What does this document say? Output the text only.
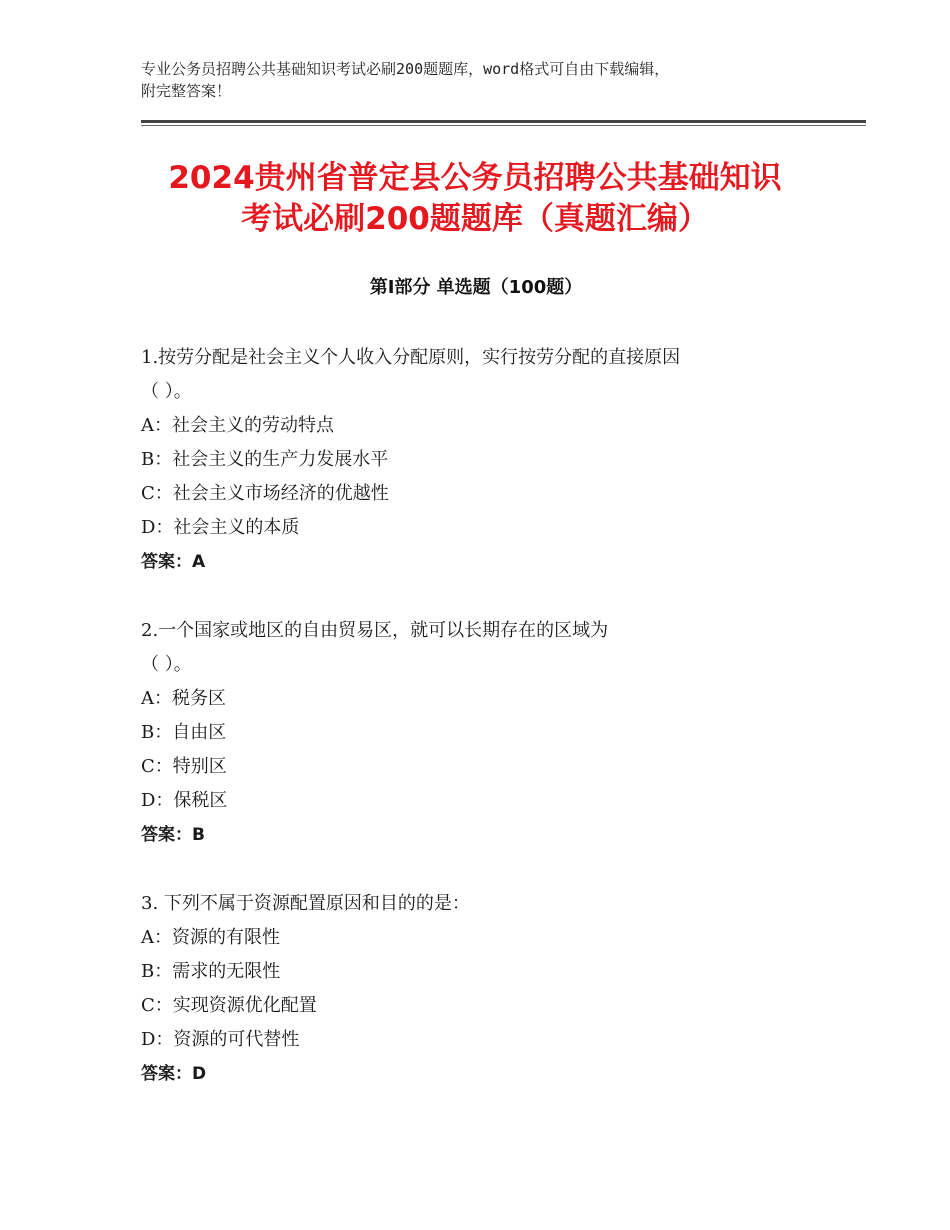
专业公务员招聘公共基础知识考试必刷200题题库，word格式可自由下载编辑，
附完整答案！
2024贵州省普定县公务员招聘公共基础知识
考试必刷200题题库（真题汇编）
第Ⅰ部分 单选题（100题）
1.按劳分配是社会主义个人收入分配原则，实行按劳分配的直接原因
（ ）。
A：社会主义的劳动特点
B：社会主义的生产力发展水平
C：社会主义市场经济的优越性
D：社会主义的本质
答案：A
2.一个国家或地区的自由贸易区，就可以长期存在的区域为
（ ）。
A：税务区
B：自由区
C：特别区
D：保税区
答案：B
3. 下列不属于资源配置原因和目的的是：
A：资源的有限性
B：需求的无限性
C：实现资源优化配置
D：资源的可代替性
答案：D
